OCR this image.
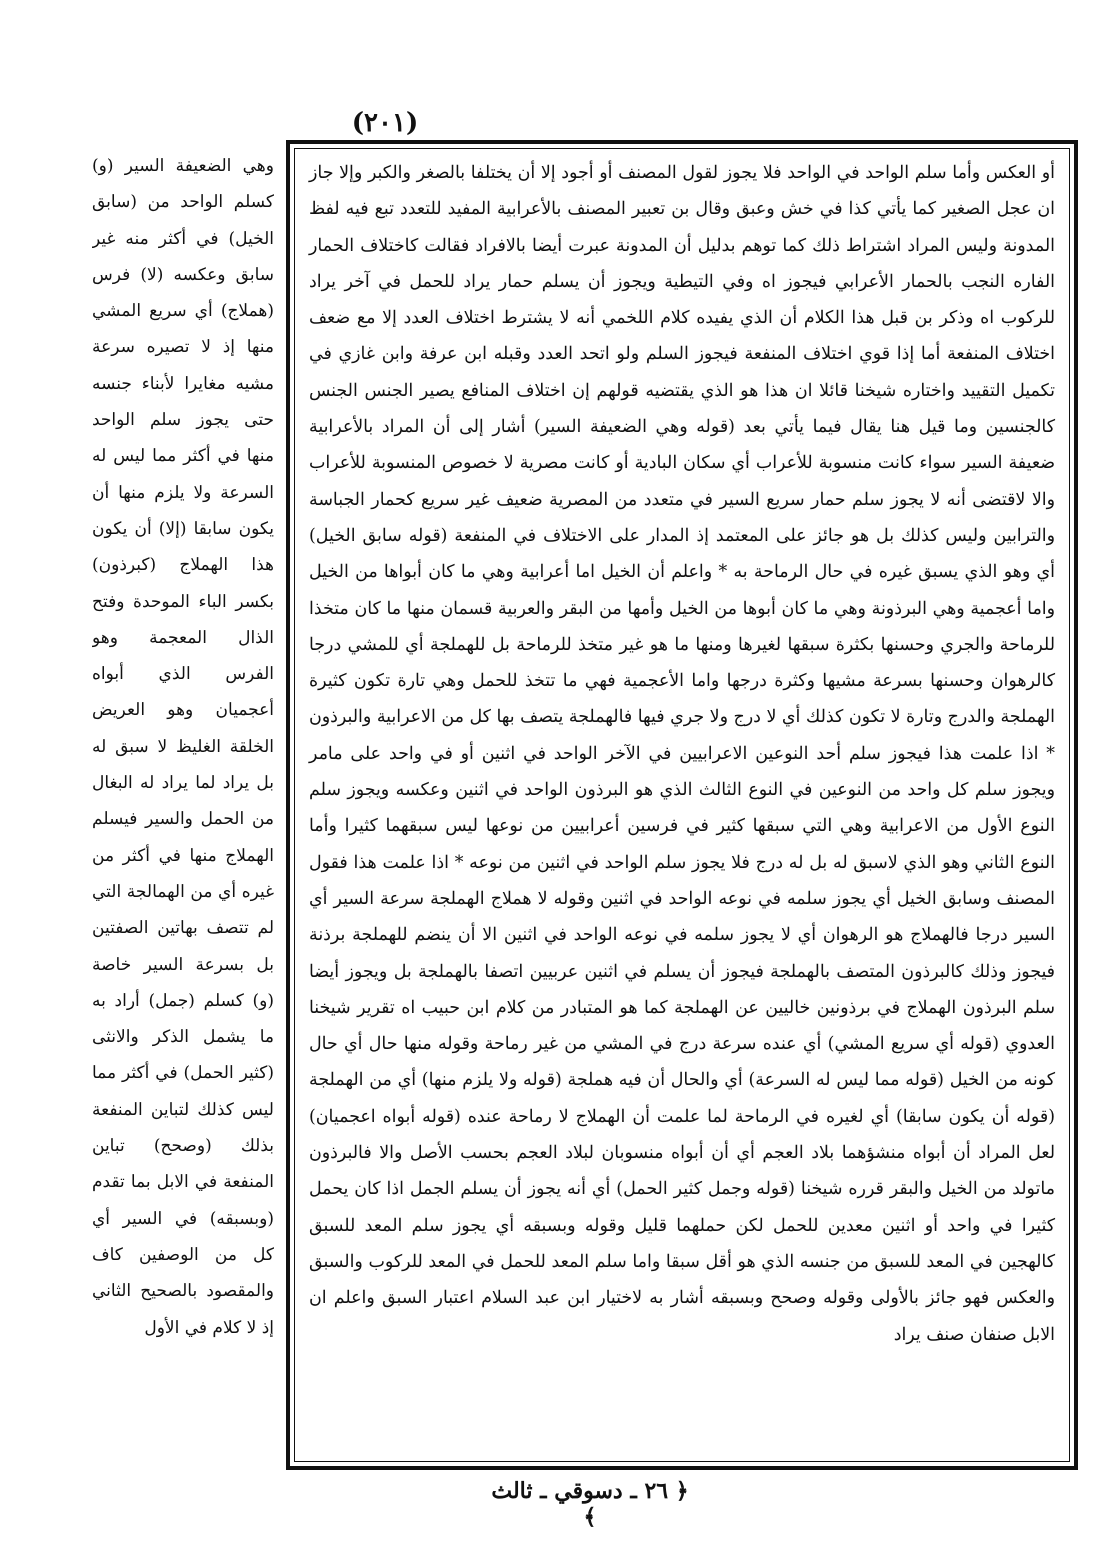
(٢٠١)

وهي الضعيفة السير (و) كسلم الواحد من (سابق الخيل) في أكثر منه غير سابق وعكسه (لا) فرس (هملاج) أي سريع المشي منها إذ لا تصيره سرعة مشيه مغايرا لأبناء جنسه حتى يجوز سلم الواحد منها في أكثر مما ليس له السرعة ولا يلزم منها أن يكون سابقا (إلا) أن يكون هذا الهملاج (كبرذون) بكسر الباء الموحدة وفتح الذال المعجمة وهو الفرس الذي أبواه أعجميان وهو العريض الخلقة الغليظ لا سبق له بل يراد لما يراد له البغال من الحمل والسير فيسلم الهملاج منها في أكثر من غيره أي من الهمالجة التي لم تتصف بهاتين الصفتين بل بسرعة السير خاصة (و) كسلم (جمل) أراد به ما يشمل الذكر والانثى (كثير الحمل) في أكثر مما ليس كذلك لتباين المنفعة بذلك (وصحح) تباين المنفعة في الابل بما تقدم (وبسبقه) في السير أي كل من الوصفين كاف والمقصود بالصحيح الثاني إذ لا كلام في الأول

أو العكس وأما سلم الواحد في الواحد فلا يجوز لقول المصنف أو أجود إلا أن يختلفا بالصغر والكبر وإلا جاز ان عجل الصغير كما يأتي كذا في خش وعبق وقال بن تعبير المصنف بالأعرابية المفيد للتعدد تبع فيه لفظ المدونة وليس المراد اشتراط ذلك كما توهم بدليل أن المدونة عبرت أيضا بالافراد فقالت كاختلاف الحمار الفاره النجب بالحمار الأعرابي فيجوز اه وفي التيطية ويجوز أن يسلم حمار يراد للحمل في آخر يراد للركوب اه وذكر بن قبل هذا الكلام أن الذي يفيده كلام اللخمي أنه لا يشترط اختلاف العدد إلا مع ضعف اختلاف المنفعة أما إذا قوي اختلاف المنفعة فيجوز السلم ولو اتحد العدد وقبله ابن عرفة وابن غازي في تكميل التقييد واختاره شيخنا قائلا ان هذا هو الذي يقتضيه قولهم إن اختلاف المنافع يصير الجنس الجنس كالجنسين وما قيل هنا يقال فيما يأتي بعد (قوله وهي الضعيفة السير) أشار إلى أن المراد بالأعرابية ضعيفة السير سواء كانت منسوبة للأعراب أي سكان البادية أو كانت مصرية لا خصوص المنسوبة للأعراب والا لاقتضى أنه لا يجوز سلم حمار سريع السير في متعدد من المصرية ضعيف غير سريع كحمار الجباسة والترابين وليس كذلك بل هو جائز على المعتمد إذ المدار على الاختلاف في المنفعة (قوله سابق الخيل) أي وهو الذي يسبق غيره في حال الرماحة به * واعلم أن الخيل اما أعرابية وهي ما كان أبواها من الخيل واما أعجمية وهي البرذونة وهي ما كان أبوها من الخيل وأمها من البقر والعربية قسمان منها ما كان متخذا للرماحة والجري وحسنها بكثرة سبقها لغيرها ومنها ما هو غير متخذ للرماحة بل للهملجة أي للمشي درجا كالرهوان وحسنها بسرعة مشيها وكثرة درجها واما الأعجمية فهي ما تتخذ للحمل وهي تارة تكون كثيرة الهملجة والدرج وتارة لا تكون كذلك أي لا درج ولا جري فيها فالهملجة يتصف بها كل من الاعرابية والبرذون * اذا علمت هذا فيجوز سلم أحد النوعين الاعرابيين في الآخر الواحد في اثنين أو في واحد على مامر ويجوز سلم كل واحد من النوعين في النوع الثالث الذي هو البرذون الواحد في اثنين وعكسه ويجوز سلم النوع الأول من الاعرابية وهي التي سبقها كثير في فرسين أعرابيين من نوعها ليس سبقهما كثيرا وأما النوع الثاني وهو الذي لاسبق له بل له درج فلا يجوز سلم الواحد في اثنين من نوعه * اذا علمت هذا فقول المصنف وسابق الخيل أي يجوز سلمه في نوعه الواحد في اثنين وقوله لا هملاج الهملجة سرعة السير أي السير درجا فالهملاج هو الرهوان أي لا يجوز سلمه في نوعه الواحد في اثنين الا أن ينضم للهملجة برذنة فيجوز وذلك كالبرذون المتصف بالهملجة فيجوز أن يسلم في اثنين عربيين اتصفا بالهملجة بل ويجوز أيضا سلم البرذون الهملاج في برذونين خاليين عن الهملجة كما هو المتبادر من كلام ابن حبيب اه تقرير شيخنا العدوي (قوله أي سريع المشي) أي عنده سرعة درج في المشي من غير رماحة وقوله منها حال أي حال كونه من الخيل (قوله مما ليس له السرعة) أي والحال أن فيه هملجة (قوله ولا يلزم منها) أي من الهملجة (قوله أن يكون سابقا) أي لغيره في الرماحة لما علمت أن الهملاج لا رماحة عنده (قوله أبواه اعجميان) لعل المراد أن أبواه منشؤهما بلاد العجم أي أن أبواه منسوبان لبلاد العجم بحسب الأصل والا فالبرذون ماتولد من الخيل والبقر قرره شيخنا (قوله وجمل كثير الحمل) أي أنه يجوز أن يسلم الجمل اذا كان يحمل كثيرا في واحد أو اثنين معدين للحمل لكن حملهما قليل وقوله وبسبقه أي يجوز سلم المعد للسبق كالهجين في المعد للسبق من جنسه الذي هو أقل سبقا واما سلم المعد للحمل في المعد للركوب والسبق والعكس فهو جائز بالأولى وقوله وصحح وبسبقه أشار به لاختيار ابن عبد السلام اعتبار السبق واعلم ان الابل صنفان صنف يراد

﴿ ٢٦ ـ دسوقي ـ ثالث ﴾
